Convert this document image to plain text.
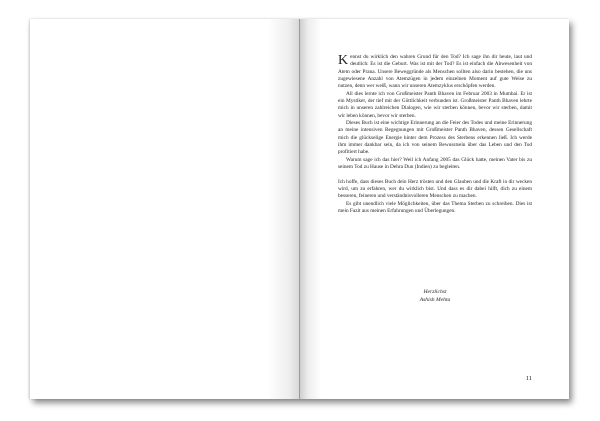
Kennst du wirklich den wahren Grund für den Tod? Ich sage ihn dir heute, laut und deutlich: Es ist die Geburt. Was ist mit der Tod? Es ist einfach die Abwesenheit von Atem oder Prana. Unsere Beweggründe als Menschen sollten also darin bestehen, die uns zugewiesene Anzahl von Atemzügen in jedem einzelnen Moment auf gute Weise zu nutzen, denn wer weiß, wann wir unseren Atemzyklus erschöpfen werden.

All dies lernte ich von Großmeister Panth Bhaven im Februar 2003 in Mumbai. Er ist ein Mystiker, der tief mit der Göttlichkeit verbunden ist. Großmeister Panth Bhaven lehrte mich in unseren zahlreichen Dialogen, wie wir sterben können, bevor wir sterben, damit wir leben können, bevor wir sterben.

Dieses Buch ist eine wichtige Erinnerung an die Feier des Todes und meine Erinnerung an meine intensiven Begegnungen mit Großmeister Panth Bhaven, dessen Gesellschaft mich die glückselige Energie hinter dem Prozess des Sterbens erkennen ließ. Ich werde ihm immer dankbar sein, da ich von seinem Bewusstsein über das Leben und den Tod profitiert habe.

Warum sage ich das hier? Weil ich Anfang 2005 das Glück hatte, meinen Vater bis zu seinem Tod zu Hause in Dehra Dun (Indien) zu begleiten.

Ich hoffe, dass dieses Buch dein Herz trösten und den Glauben und die Kraft in dir wecken wird, um zu erfahren, wer du wirklich bist. Und dass es dir dabei hilft, dich zu einem besseren, feineren und verständnisvolleren Menschen zu machen.

Es gibt unendlich viele Möglichkeiten, über das Thema Sterben zu schreiben. Dies ist mein Fazit aus meinen Erfahrungen und Überlegungen.

Herzlichst
Ashish Mehta
11
